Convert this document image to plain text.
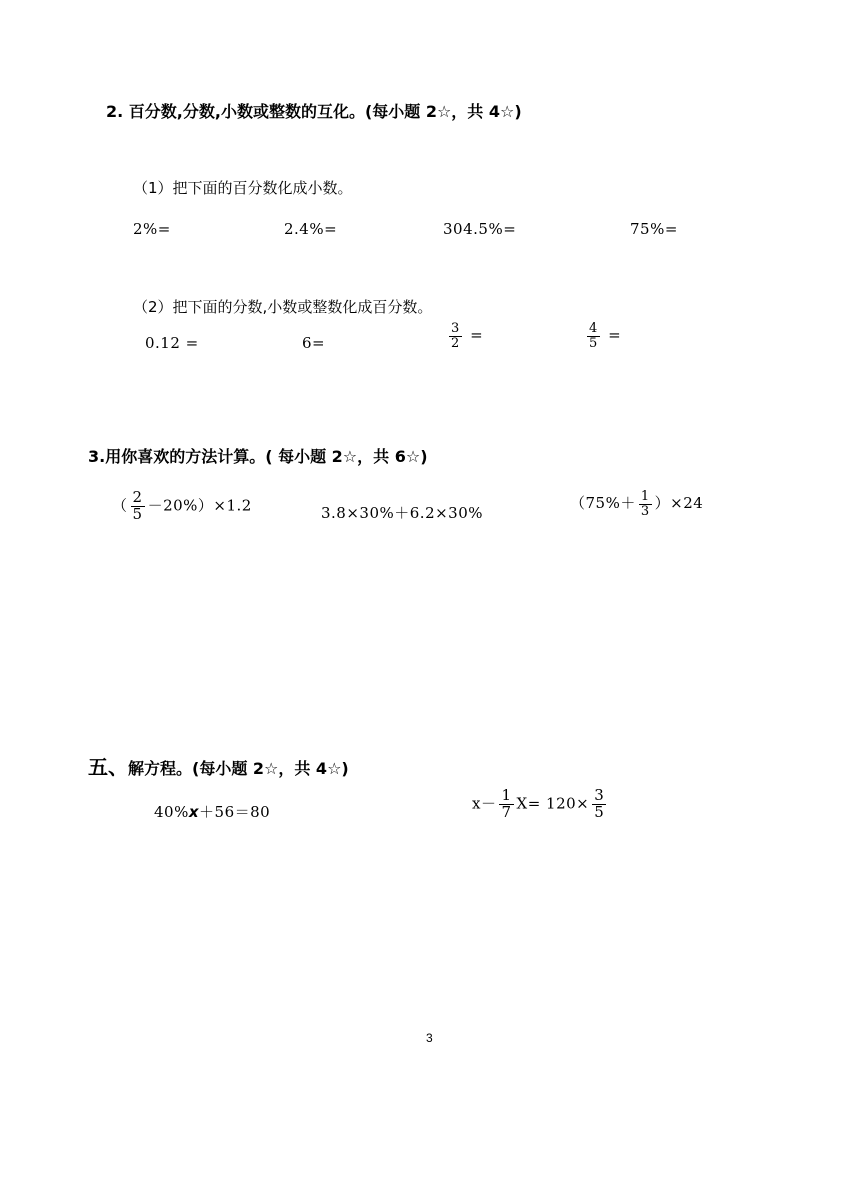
2. 百分数,分数,小数或整数的互化。(每小题 2☆，共 4☆)
（1）把下面的百分数化成小数。
2%=	2.4%=	304.5%=	75%=
（2）把下面的分数,小数或整数化成百分数。
0.12 =	6=	$\frac{3}{2}$ =	$\frac{4}{5}$ =
3.用你喜欢的方法计算。( 每小题 2☆，共 6☆)
（ $\frac{2}{5} -20\%)\times 1.2$	3.8×30%＋6.2×30%
$(75\%+ \frac{1}{3} )\times 24$
五、解方程。(每小题 2☆，共 4☆)
40%x＋56＝80	$x- \frac{1}{7} X= 120\times \frac{3}{5}$
3
